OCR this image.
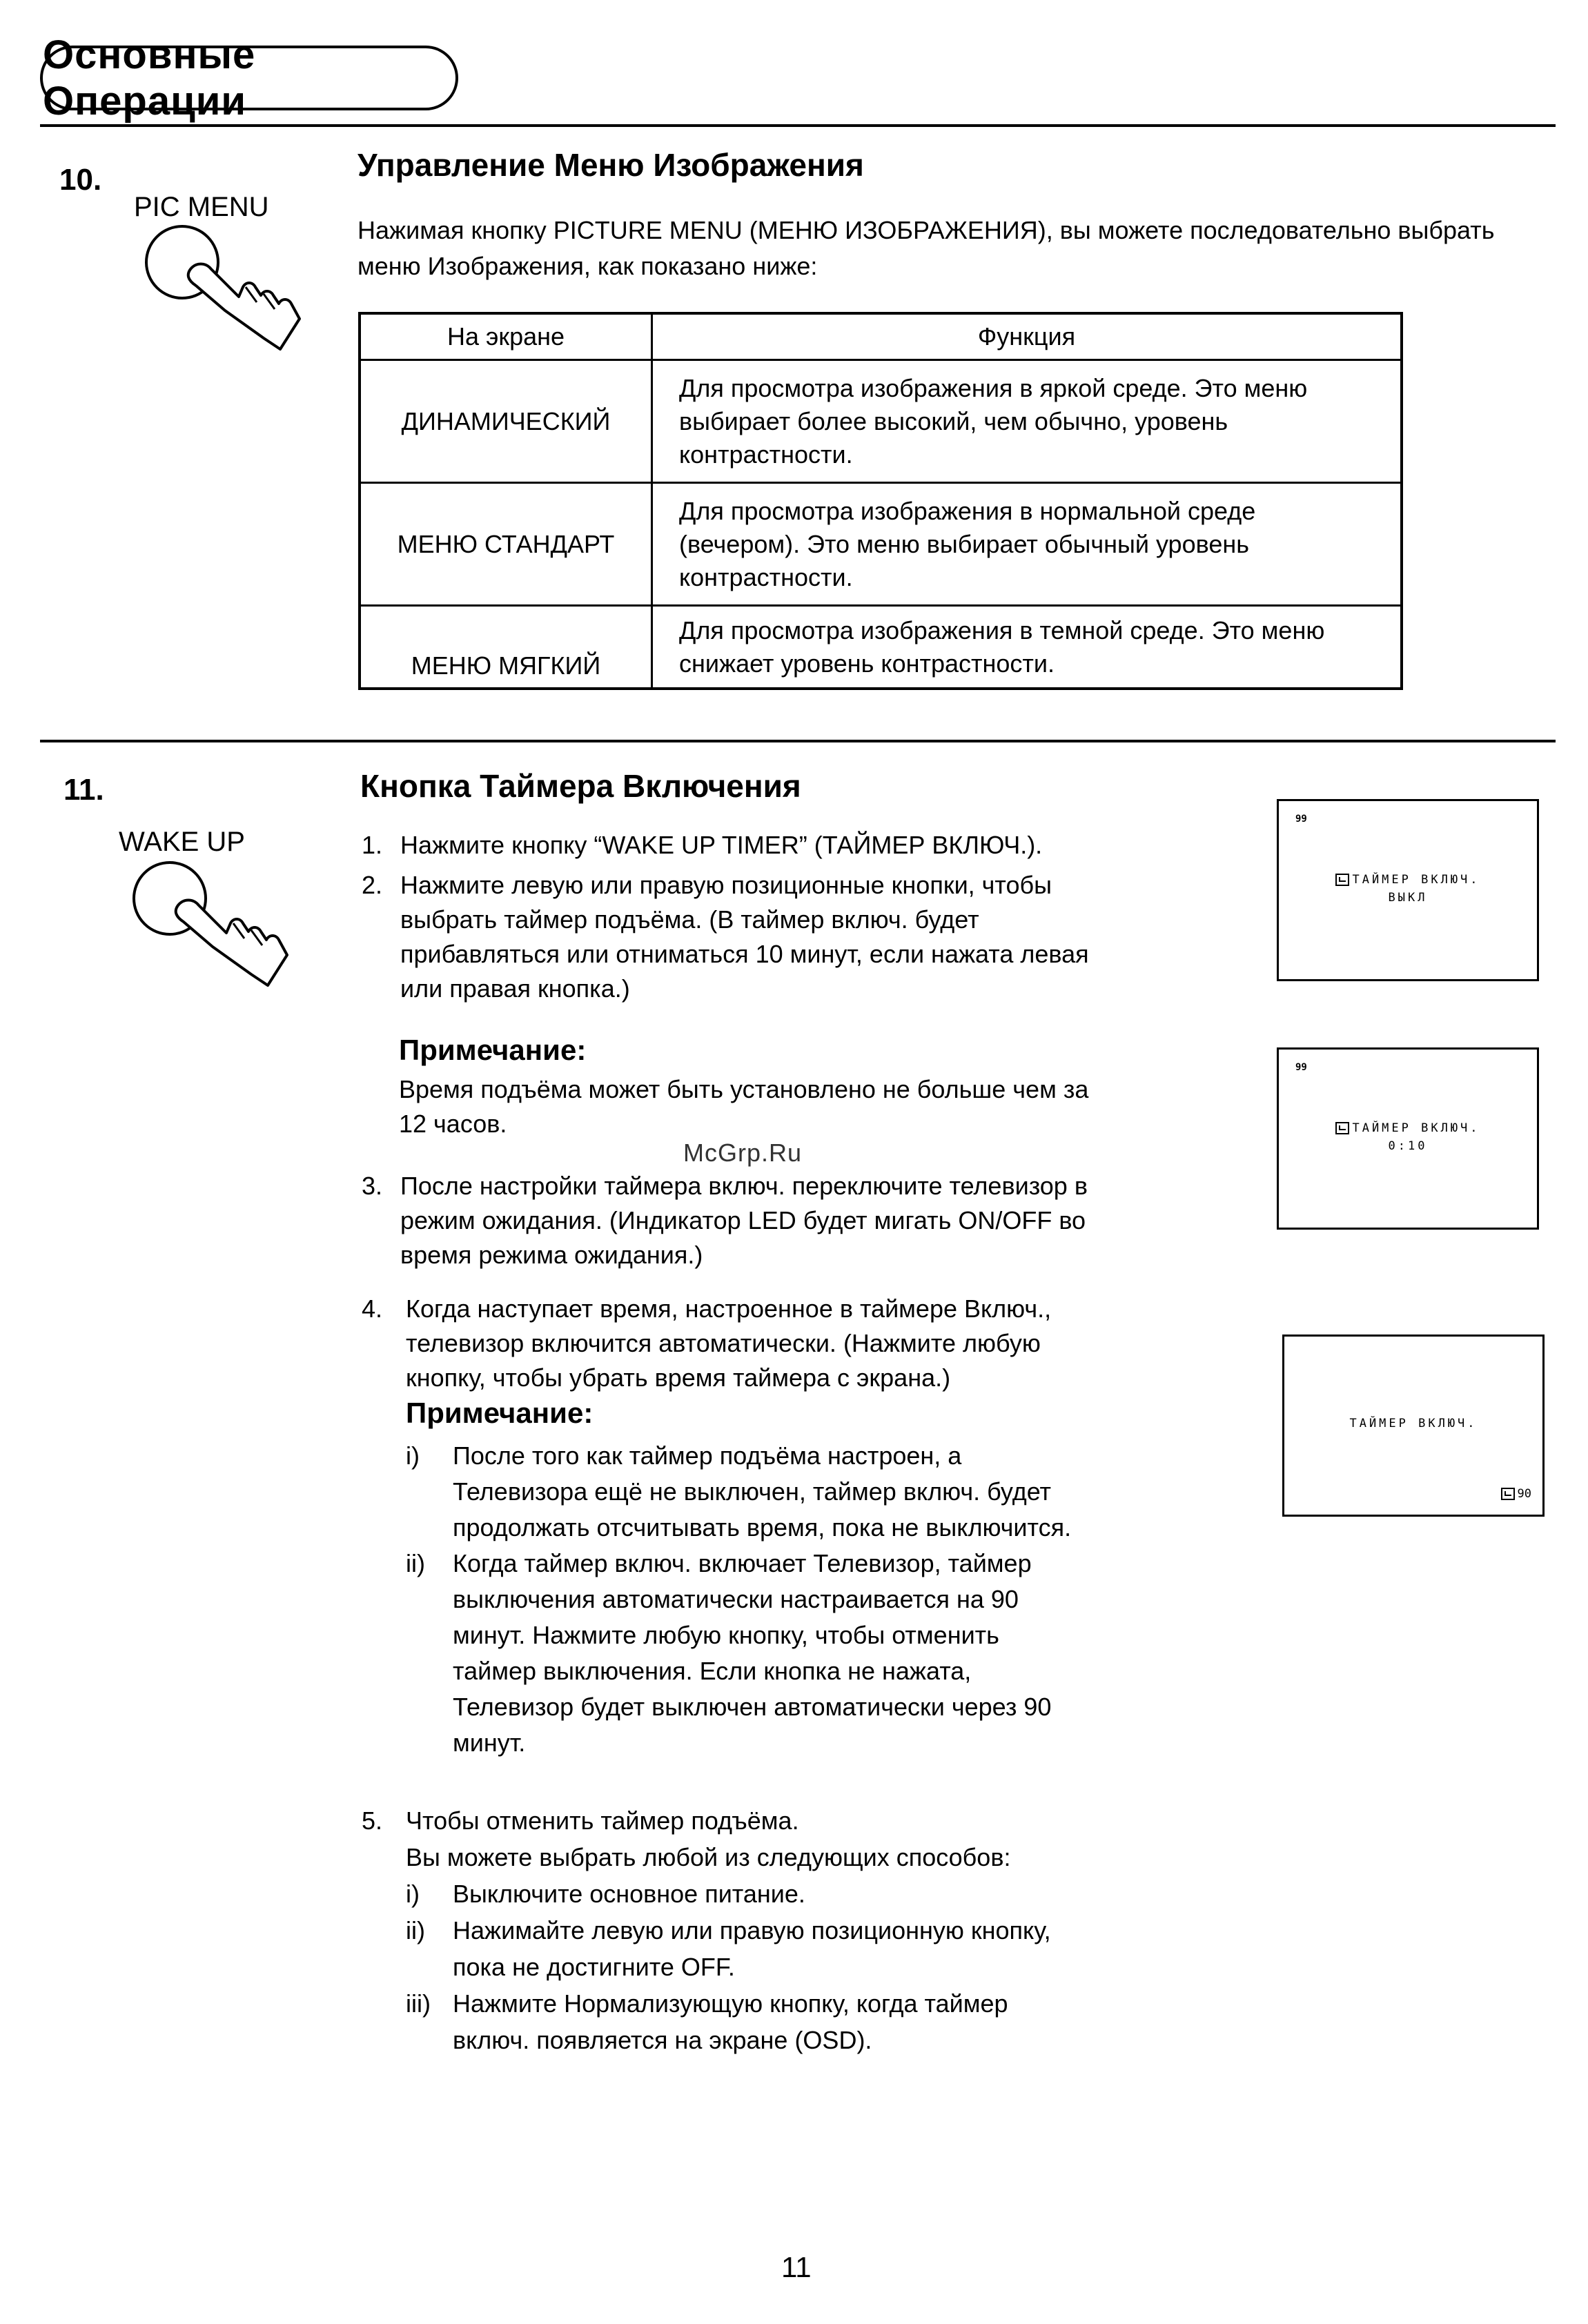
Основные Операции
10.
PIC MENU
Управление Меню Изображения
Нажимая кнопку PICTURE MENU (МЕНЮ ИЗОБРАЖЕНИЯ), вы можете последовательно выбрать
меню Изображения, как показано ниже:
На экране	Функция
ДИНАМИЧЕСКИЙ	Для просмотра изображения в яркой среде. Это меню
выбирает более высокий, чем обычно, уровень
контрастности.

МЕНЮ СТАНДАРТ	Для просмотра изображения в нормальной среде
(вечером). Это меню выбирает обычный уровень
контрастности.

МЕНЮ МЯГКИЙ	Для просмотра изображения в темной среде. Это меню
снижает уровень контрастности.
11.
WAKE UP
Кнопка Таймера Включения
1. Нажмите кнопку “WAKE UP TIMER” (ТАЙМЕР ВКЛЮЧ.).
2. Нажмите левую или правую позиционные кнопки, чтобы
выбрать таймер подъёма. (В таймер включ. будет
прибавляться или отниматься 10 минут, если нажата левая
или правая кнопка.)
Примечание:
Время подъёма может быть установлено не больше чем за
12 часов.
McGrp.Ru
3. После настройки таймера включ. переключите телевизор в
режим ожидания. (Индикатор LED будет мигать ON/OFF во
время режима ожидания.)
4. Когда наступает время, настроенное в таймере Включ.,
телевизор включится автоматически. (Нажмите любую
кнопку, чтобы убрать время таймера с экрана.)
Примечание:
i)	После того как таймер подъёма настроен, а
Телевизора ещё не выключен, таймер включ. будет
продолжать отсчитывать время, пока не выключится.
ii)	Когда таймер включ. включает Телевизор, таймер
выключения автоматически настраивается на 90
минут. Нажмите любую кнопку, чтобы отменить
таймер выключения. Если кнопка не нажата,
Телевизор будет выключен автоматически через 90
минут.
5. Чтобы отменить таймер подъёма.
Вы можете выбрать любой из следующих способов:
i)	Выключите основное питание.
ii)	Нажимайте левую или правую позиционную кнопку,
пока не достигните OFF.
iii) Нажмите Нормализующую кнопку, когда таймер
включ. появляется на экране (OSD).
99
ТАЙМЕР ВКЛЮЧ.
ВЫКЛ
99
ТАЙМЕР ВКЛЮЧ.
0:10
ТАЙМЕР ВКЛЮЧ.
90
11
